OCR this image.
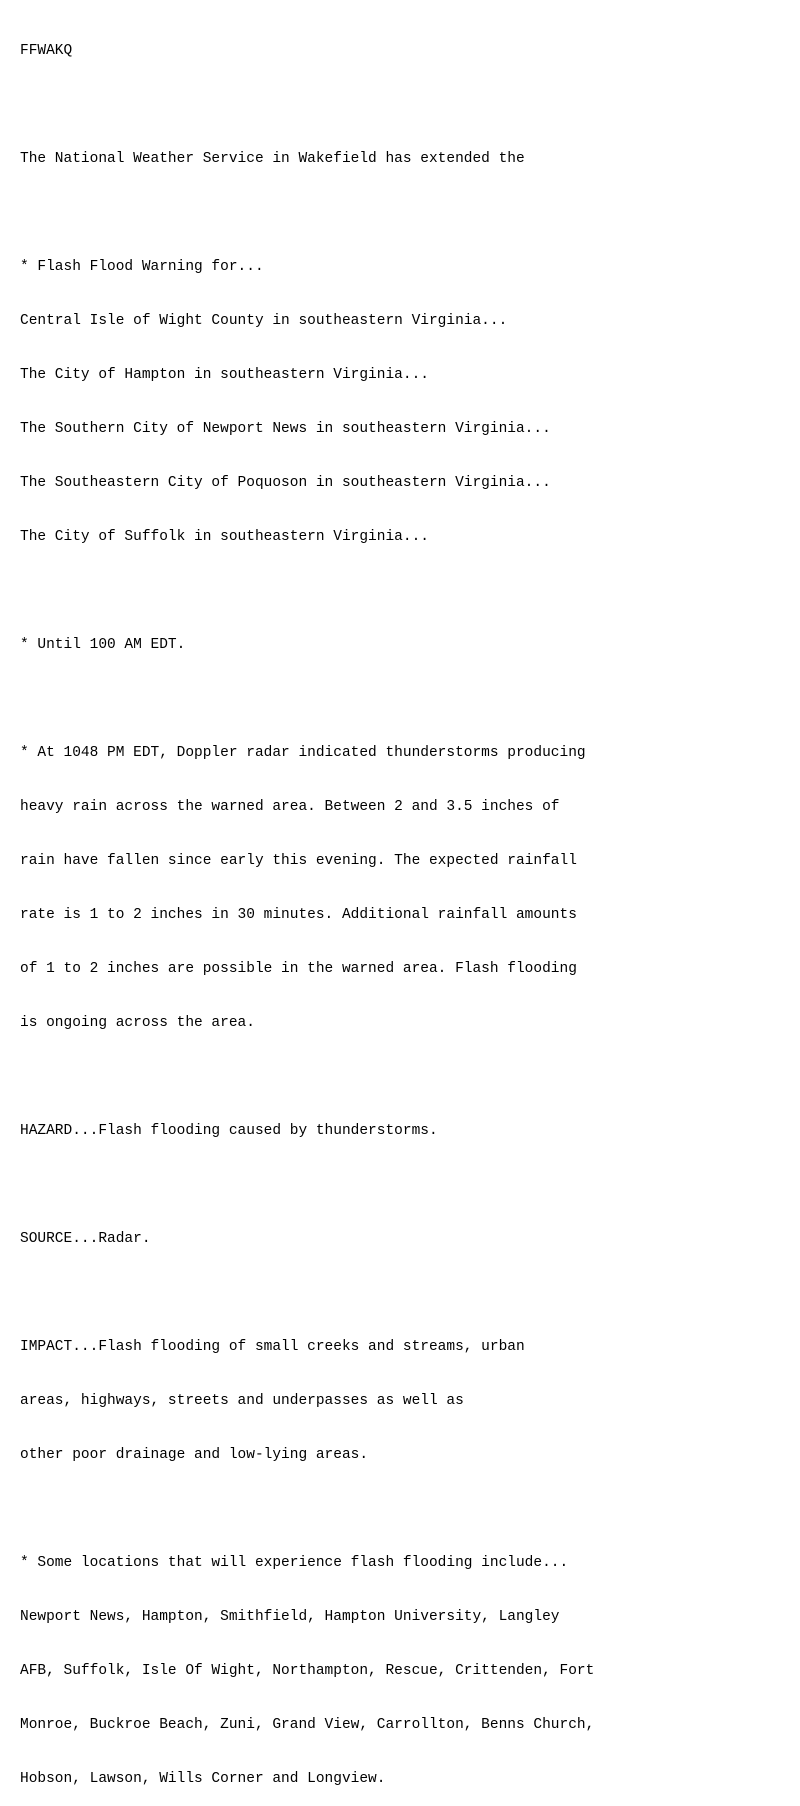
FFWAKQ

The National Weather Service in Wakefield has extended the

* Flash Flood Warning for...

Central Isle of Wight County in southeastern Virginia...

The City of Hampton in southeastern Virginia...

The Southern City of Newport News in southeastern Virginia...

The Southeastern City of Poquoson in southeastern Virginia...

The City of Suffolk in southeastern Virginia...

* Until 100 AM EDT.

* At 1048 PM EDT, Doppler radar indicated thunderstorms producing

heavy rain across the warned area. Between 2 and 3.5 inches of

rain have fallen since early this evening. The expected rainfall

rate is 1 to 2 inches in 30 minutes. Additional rainfall amounts

of 1 to 2 inches are possible in the warned area. Flash flooding

is ongoing across the area.

HAZARD...Flash flooding caused by thunderstorms.

SOURCE...Radar.

IMPACT...Flash flooding of small creeks and streams, urban

areas, highways, streets and underpasses as well as

other poor drainage and low-lying areas.

* Some locations that will experience flash flooding include...

Newport News, Hampton, Smithfield, Hampton University, Langley

AFB, Suffolk, Isle Of Wight, Northampton, Rescue, Crittenden, Fort

Monroe, Buckroe Beach, Zuni, Grand View, Carrollton, Benns Church,

Hobson, Lawson, Wills Corner and Longview.
